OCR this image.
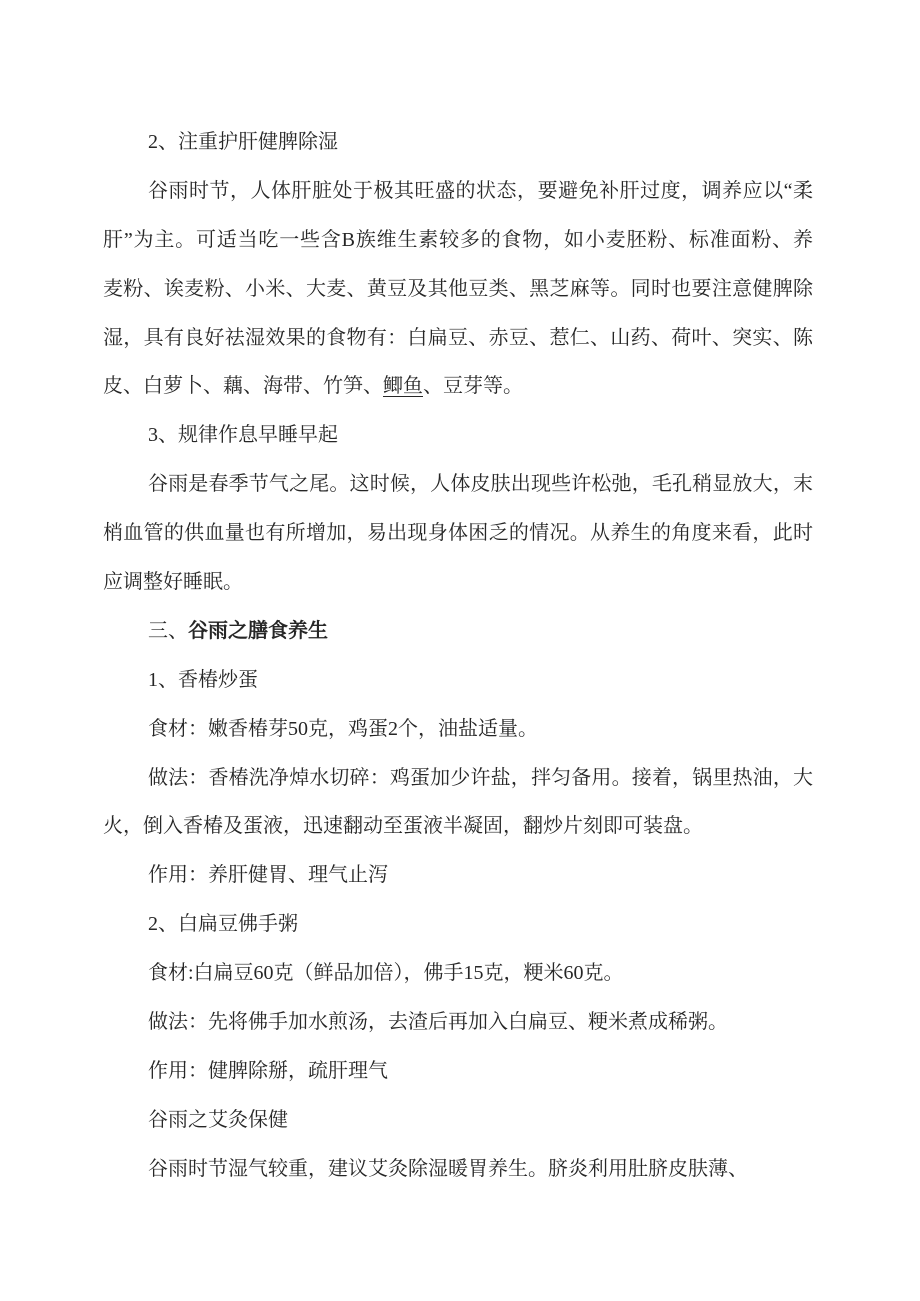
2、注重护肝健脾除湿
谷雨时节，人体肝脏处于极其旺盛的状态，要避免补肝过度，调养应以“柔
肝”为主。可适当吃一些含B族维生素较多的食物，如小麦胚粉、标准面粉、养
麦粉、诶麦粉、小米、大麦、黄豆及其他豆类、黑芝麻等。同时也要注意健脾除
湿，具有良好祛湿效果的食物有：白扁豆、赤豆、惹仁、山药、荷叶、突实、陈
皮、白萝卜、藕、海带、竹笋、鲫鱼、豆芽等。
3、规律作息早睡早起
谷雨是春季节气之尾。这时候，人体皮肤出现些许松弛，毛孔稍显放大，末
梢血管的供血量也有所增加，易出现身体困乏的情况。从养生的角度来看，此时
应调整好睡眠。
三、谷雨之膳食养生
1、香椿炒蛋
食材：嫩香椿芽50克，鸡蛋2个，油盐适量。
做法：香椿洗净焯水切碎：鸡蛋加少许盐，拌匀备用。接着，锅里热油，大
火，倒入香椿及蛋液，迅速翻动至蛋液半凝固，翻炒片刻即可装盘。
作用：养肝健胃、理气止泻
2、白扁豆佛手粥
食材:白扁豆60克（鲜品加倍），佛手15克，粳米60克。
做法：先将佛手加水煎汤，去渣后再加入白扁豆、粳米煮成稀粥。
作用：健脾除掰，疏肝理气
谷雨之艾灸保健
谷雨时节湿气较重，建议艾灸除湿暖胃养生。脐炎利用肚脐皮肤薄、
